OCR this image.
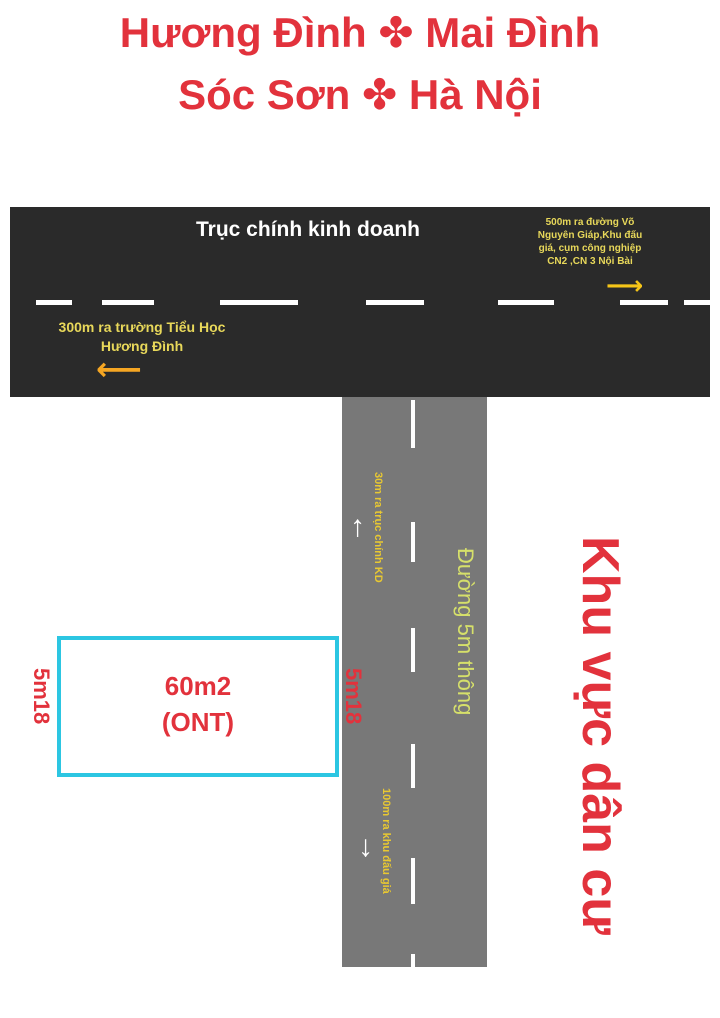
Hương Đình ✤ Mai Đình
Sóc Sơn ✤ Hà Nội
Trục chính kinh doanh	500m ra đường Võ Nguyên Giáp,Khu đấu giá, cụm công nghiệp CN2 ,CN 3 Nội Bài
⟶
300m ra trường Tiểu Học Hương Đình
⟵
30m ra trục chính KD
↑
Đường 5m thông
100m ra khu đấu giá
↓
60m2
(ONT)
5m18	5m18	Khu vực dân cư
